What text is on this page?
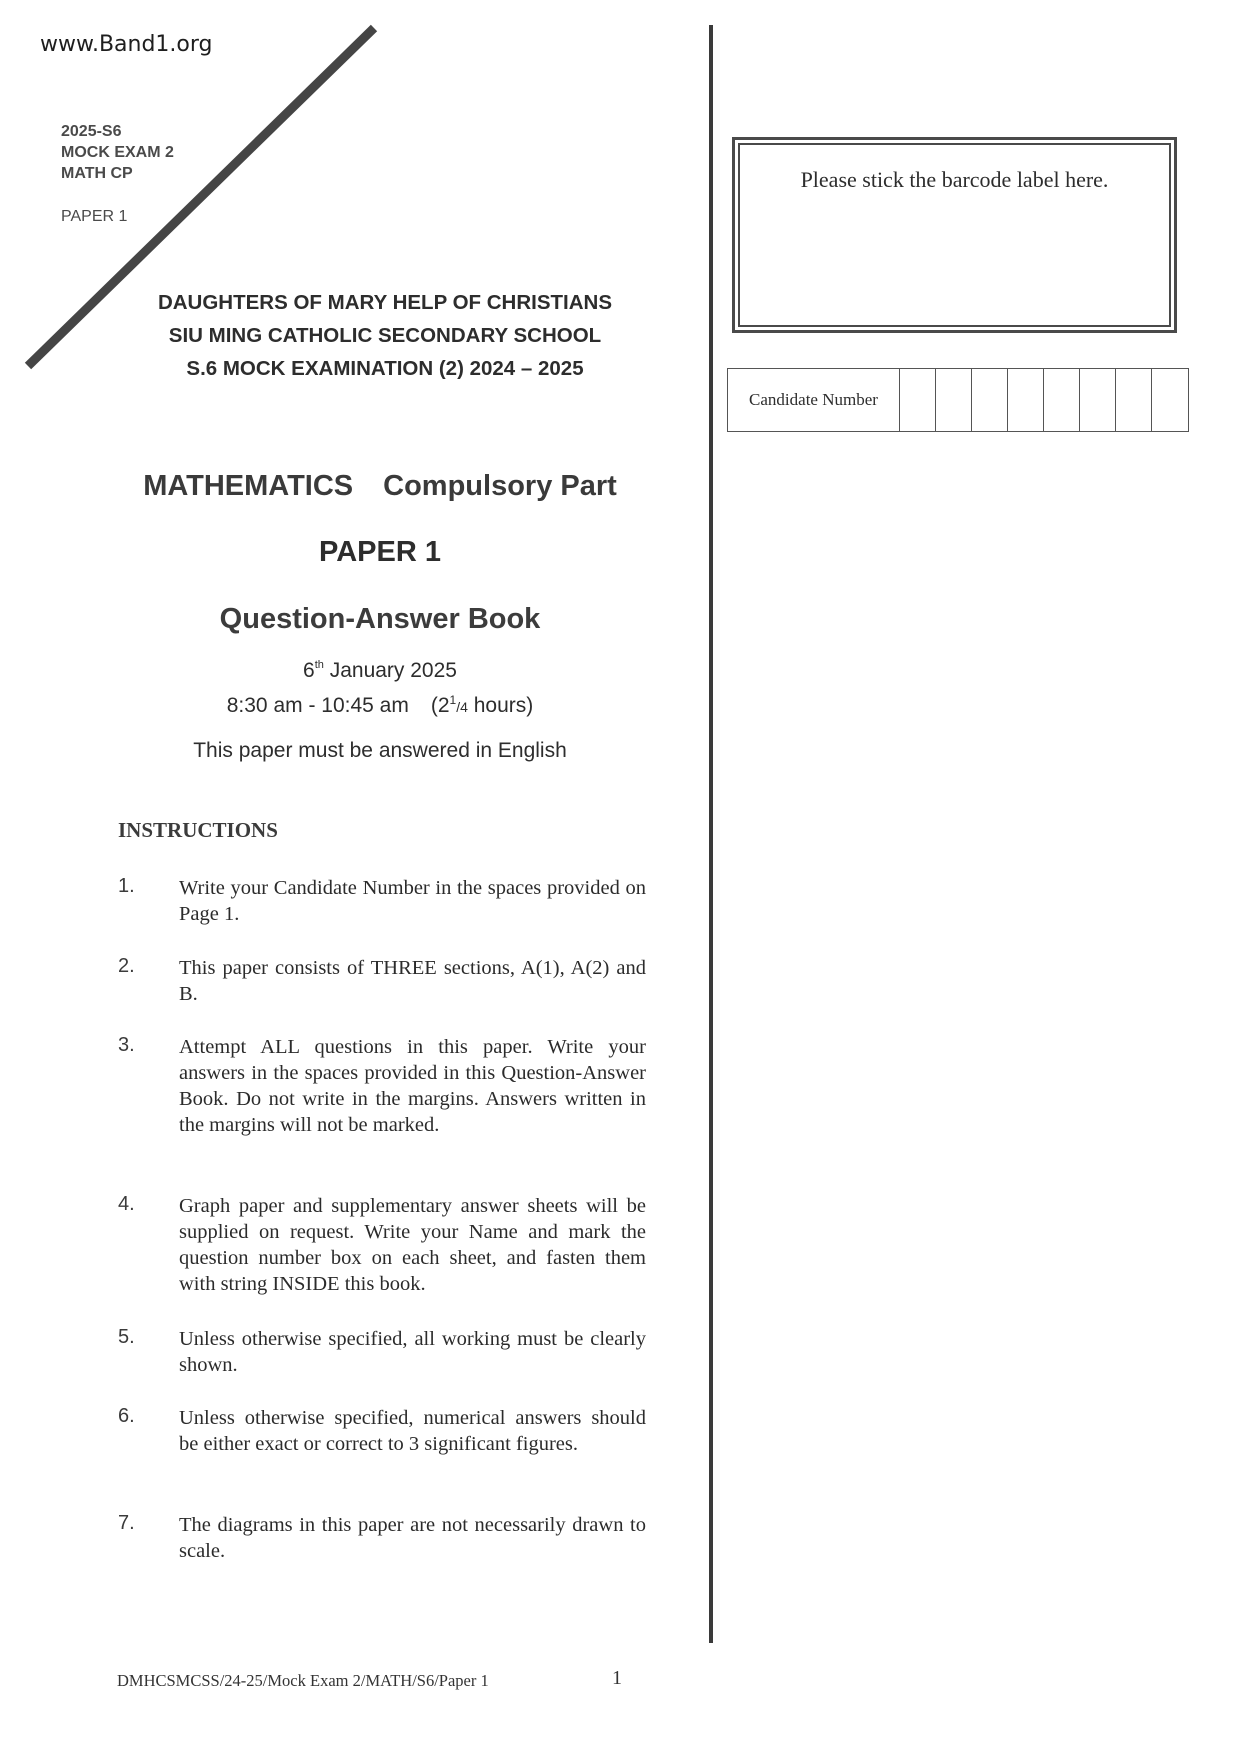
www.Band1.org
2025-S6
MOCK EXAM 2
MATH CP
PAPER 1
DAUGHTERS OF MARY HELP OF CHRISTIANS
SIU MING CATHOLIC SECONDARY SCHOOL
S.6 MOCK EXAMINATION (2) 2024 – 2025
MATHEMATICS Compulsory Part
PAPER 1
Question-Answer Book
6th January 2025
8:30 am - 10:45 am ($2^1/4$ hours)
This paper must be answered in English
INSTRUCTIONS
1. Write your Candidate Number in the spaces provided on Page 1.
2. This paper consists of THREE sections, A(1), A(2) and B.
3. Attempt ALL questions in this paper. Write your answers in the spaces provided in this Question-Answer Book. Do not write in the margins. Answers written in the margins will not be marked.
4. Graph paper and supplementary answer sheets will be supplied on request. Write your Name and mark the question number box on each sheet, and fasten them with string INSIDE this book.
5. Unless otherwise specified, all working must be clearly shown.
6. Unless otherwise specified, numerical answers should be either exact or correct to 3 significant figures.
7. The diagrams in this paper are not necessarily drawn to scale.
DMHCSMCSS/24-25/Mock Exam 2/MATH/S6/Paper 1	1
Please stick the barcode label here.
Candidate Number
